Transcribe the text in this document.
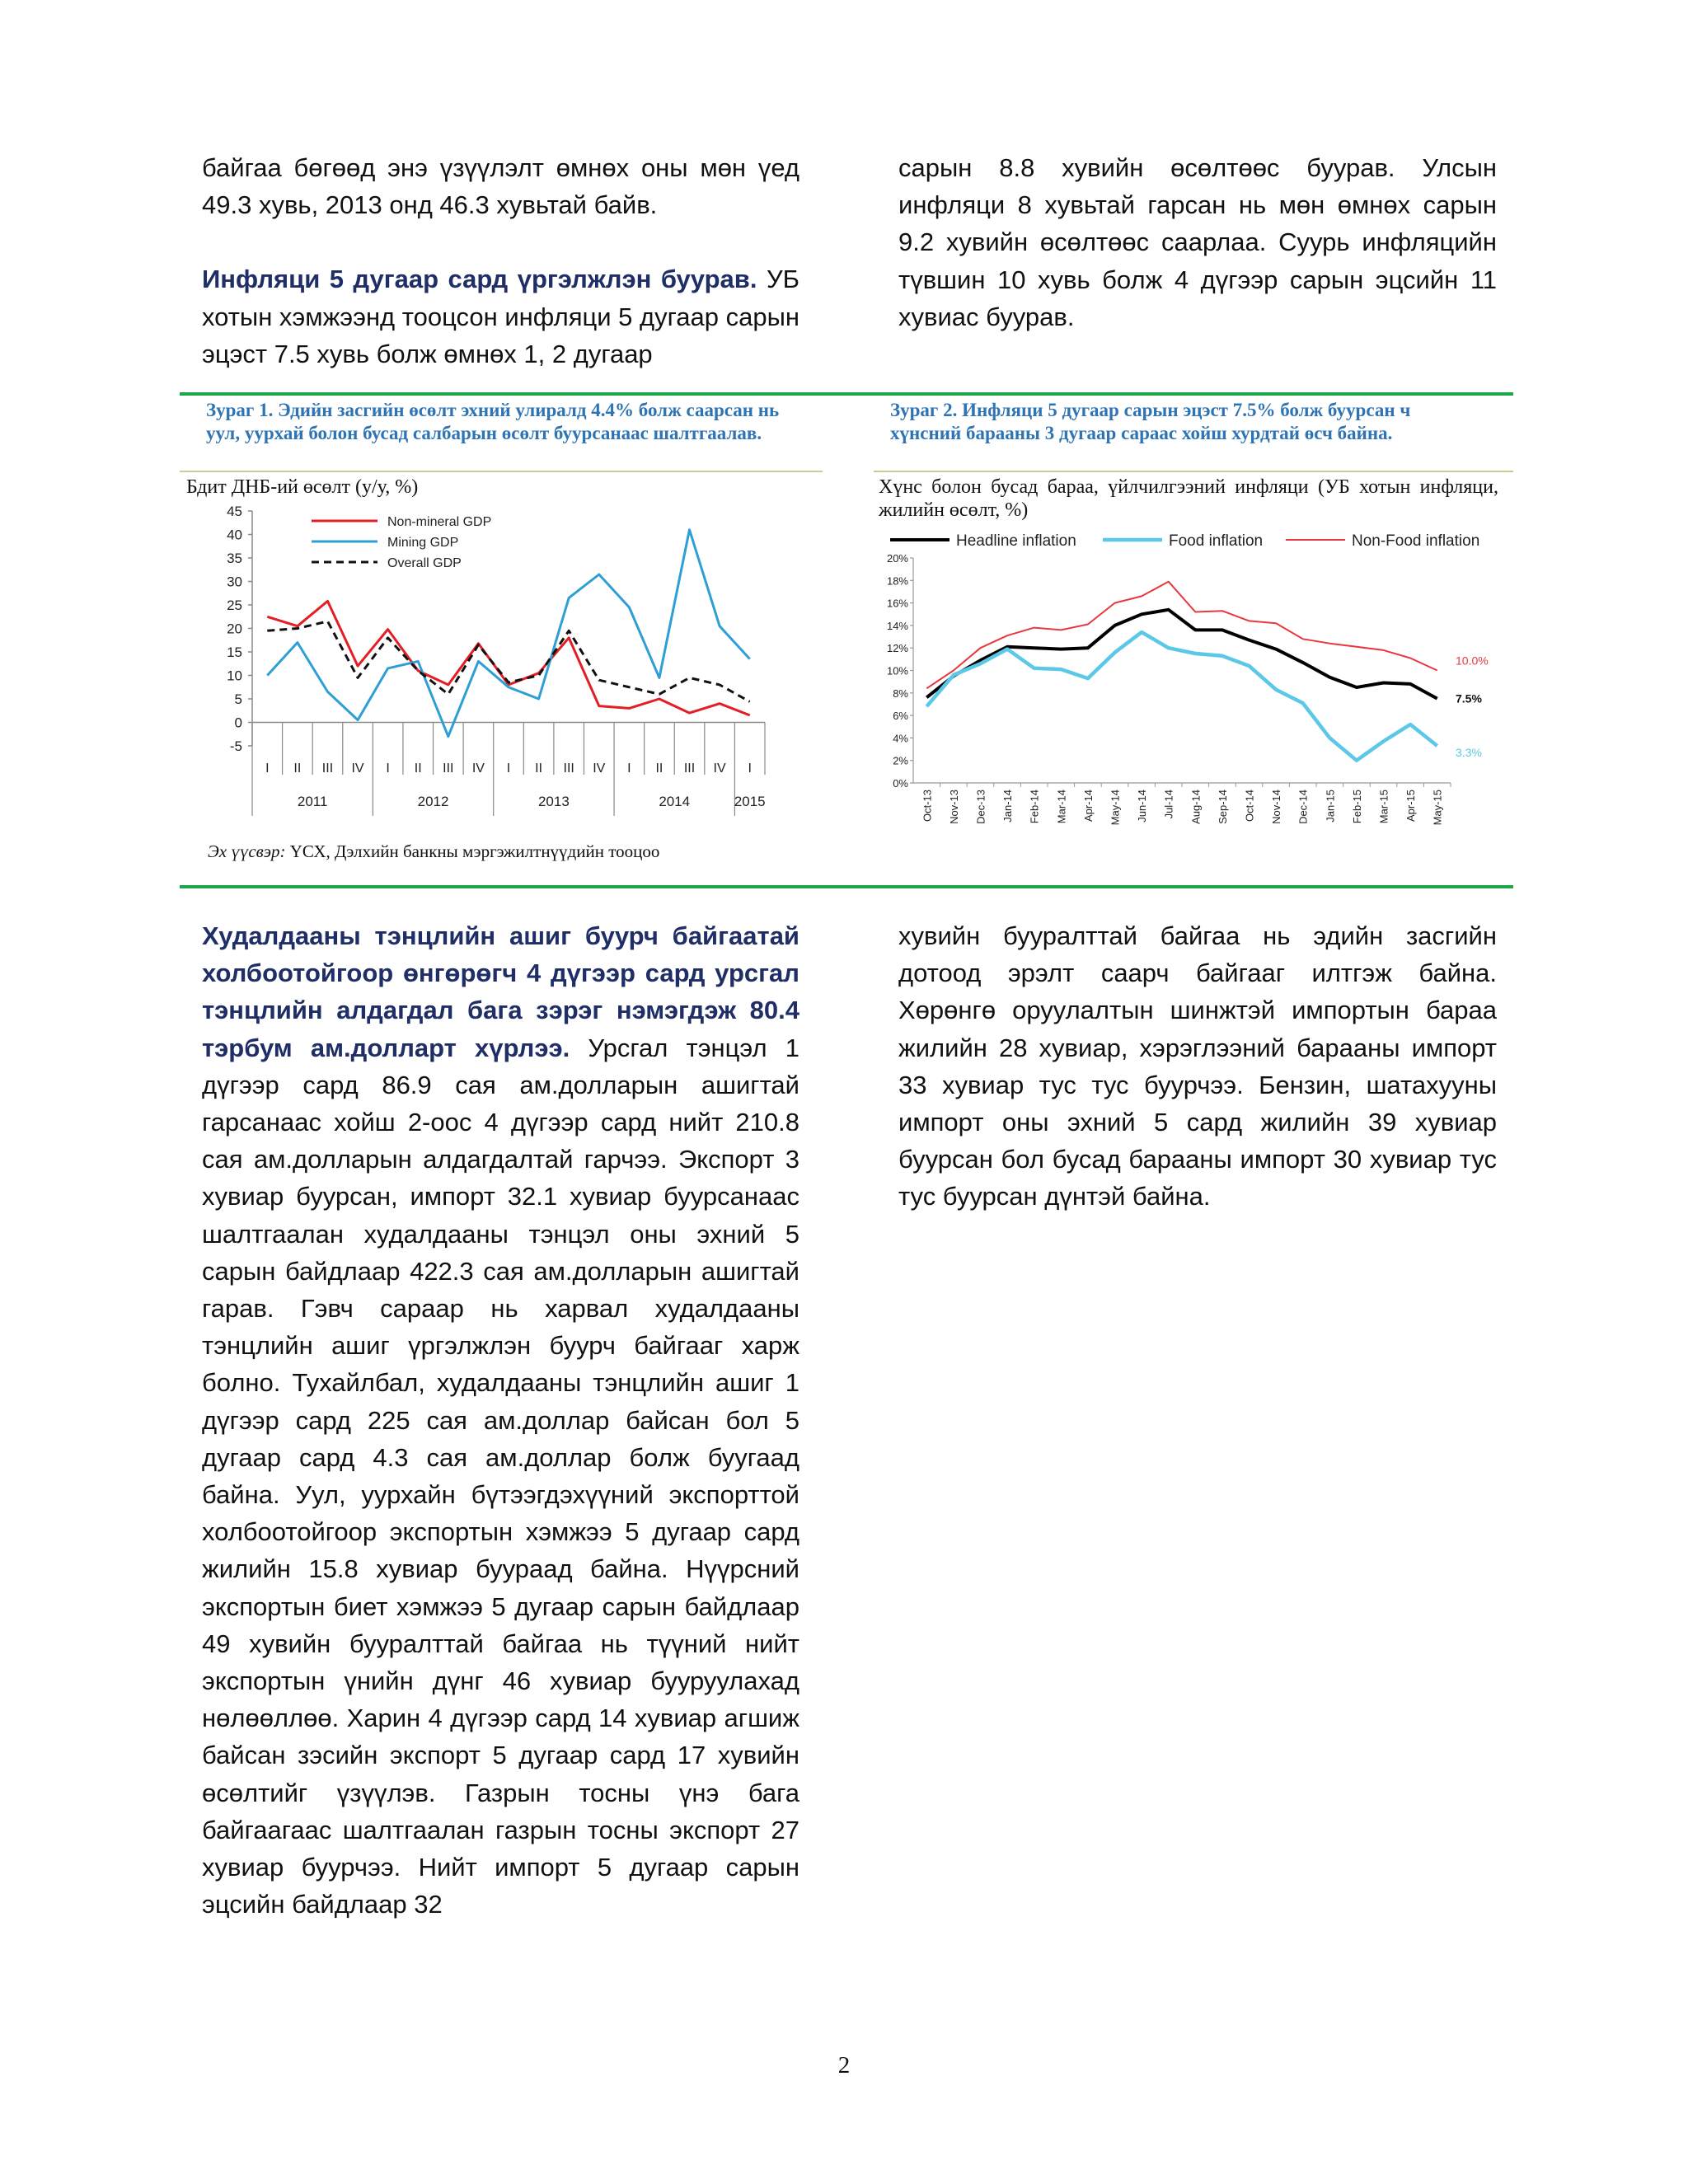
байгаа бөгөөд энэ үзүүлэлт өмнөх оны мөн үед 49.3 хувь, 2013 онд 46.3 хувьтай байв.

Инфляци 5 дугаар сард үргэлжлэн буурав. УБ хотын хэмжээнд тооцсон инфляци 5 дугаар сарын эцэст 7.5 хувь болж өмнөх 1, 2 дугаар

сарын 8.8 хувийн өсөлтөөс буурав. Улсын инфляци 8 хувьтай гарсан нь мөн өмнөх сарын 9.2 хувийн өсөлтөөс саарлаа. Суурь инфляцийн түвшин 10 хувь болж 4 дүгээр сарын эцсийн 11 хувиас буурав.

Зураг 1. Эдийн засгийн өсөлт эхний улиралд 4.4% болж саарсан нь уул, уурхай болон бусад салбарын өсөлт буурсанаас шалтгаалав.
Бдит ДНБ-ий өсөлт (у/у, %)
-5
0
5
10
15
20
25
30
35
40
45
I II III IV I II III IV I II III IV I II III IV I
2011	2012	2013	2014	2015
Non-mineral GDP
Mining GDP
Overall GDP
Эх үүсвэр: ҮСХ, Дэлхийн банкны мэргэжилтнүүдийн тооцоо
Зураг 2. Инфляци 5 дугаар сарын эцэст 7.5% болж буурсан ч хүнсний барааны 3 дугаар сараас хойш хурдтай өсч байна.
Хүнс болон бусад бараа, үйлчилгээний инфляци (УБ хотын инфляци, жилийн өсөлт, %)
0%
2%
4%
6%
8%
10%
12%
14%
16%
18%
20%
Oct-13 Nov-13 Dec-13 Jan-14 Feb-14 Mar-14 Apr-14 May-14 Jun-14 Jul-14 Aug-14 Sep-14 Oct-14 Nov-14 Dec-14 Jan-15 Feb-15 Mar-15 Apr-15 May-15
Headline inflation	Food inflation	Non-Food inflation
10.0%
7.5%
3.3%

Худалдааны тэнцлийн ашиг буурч байгаатай холбоотойгоор өнгөрөгч 4 дүгээр сард урсгал тэнцлийн алдагдал бага зэрэг нэмэгдэж 80.4 тэрбум ам.долларт хүрлээ. Урсгал тэнцэл 1 дүгээр сард 86.9 сая ам.долларын ашигтай гарсанаас хойш 2-оос 4 дүгээр сард нийт 210.8 сая ам.долларын алдагдалтай гарчээ. Экспорт 3 хувиар буурсан, импорт 32.1 хувиар буурсанаас шалтгаалан худалдааны тэнцэл оны эхний 5 сарын байдлаар 422.3 сая ам.долларын ашигтай гарав. Гэвч сараар нь харвал худалдааны тэнцлийн ашиг үргэлжлэн буурч байгааг харж болно. Тухайлбал, худалдааны тэнцлийн ашиг 1 дүгээр сард 225 сая ам.доллар байсан бол 5 дугаар сард 4.3 сая ам.доллар болж буугаад байна. Уул, уурхайн бүтээгдэхүүний экспорттой холбоотойгоор экспортын хэмжээ 5 дугаар сард жилийн 15.8 хувиар буураад байна. Нүүрсний экспортын биет хэмжээ 5 дугаар сарын байдлаар 49 хувийн бууралттай байгаа нь түүний нийт экспортын үнийн дүнг 46 хувиар бууруулахад нөлөөллөө. Харин 4 дүгээр сард 14 хувиар агшиж байсан зэсийн экспорт 5 дугаар сард 17 хувийн өсөлтийг үзүүлэв. Газрын тосны үнэ бага байгаагаас шалтгаалан газрын тосны экспорт 27 хувиар буурчээ. Нийт импорт 5 дугаар сарын эцсийн байдлаар 32

хувийн бууралттай байгаа нь эдийн засгийн дотоод эрэлт саарч байгааг илтгэж байна. Хөрөнгө оруулалтын шинжтэй импортын бараа жилийн 28 хувиар, хэрэглээний барааны импорт 33 хувиар тус тус буурчээ. Бензин, шатахууны импорт оны эхний 5 сард жилийн 39 хувиар буурсан бол бусад барааны импорт 30 хувиар тус тус буурсан дүнтэй байна.

2
